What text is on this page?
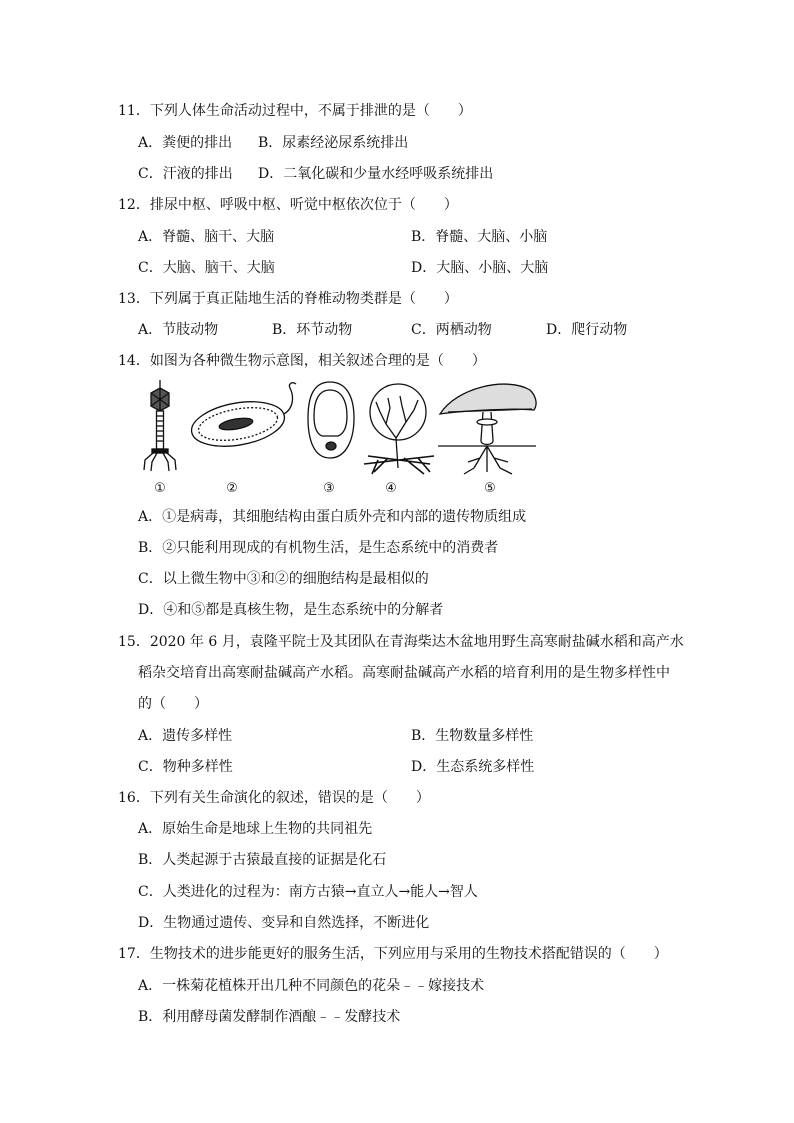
11．下列人体生命活动过程中，不属于排泄的是（　　）
A．粪便的排出 B．尿素经泌尿系统排出
C．汗液的排出 D．二氧化碳和少量水经呼吸系统排出
12．排尿中枢、呼吸中枢、听觉中枢依次位于（　　）
A．脊髓、脑干、大脑	B．脊髓、大脑、小脑
C．大脑、脑干、大脑	D．大脑、小脑、大脑
13．下列属于真正陆地生活的脊椎动物类群是（　　）
A．节肢动物	B．环节动物	C．两栖动物	D．爬行动物
14．如图为各种微生物示意图，相关叙述合理的是（　　）
①	②	③	④	⑤
A．①是病毒，其细胞结构由蛋白质外壳和内部的遗传物质组成
B．②只能利用现成的有机物生活，是生态系统中的消费者
C．以上微生物中③和②的细胞结构是最相似的
D．④和⑤都是真核生物，是生态系统中的分解者
15．2020 年 6 月，袁隆平院士及其团队在青海柴达木盆地用野生高寒耐盐碱水稻和高产水
稻杂交培育出高寒耐盐碱高产水稻。高寒耐盐碱高产水稻的培育利用的是生物多样性中
的（　　）
A．遗传多样性	B．生物数量多样性
C．物种多样性	D．生态系统多样性
16．下列有关生命演化的叙述，错误的是（　　）
A．原始生命是地球上生物的共同祖先
B．人类起源于古猿最直接的证据是化石
C．人类进化的过程为：南方古猿→直立人→能人→智人
D．生物通过遗传、变异和自然选择，不断进化
17．生物技术的进步能更好的服务生活，下列应用与采用的生物技术搭配错误的（　　）
A．一株菊花植株开出几种不同颜色的花朵﹣﹣嫁接技术
B．利用酵母菌发酵制作酒酿﹣﹣发酵技术
